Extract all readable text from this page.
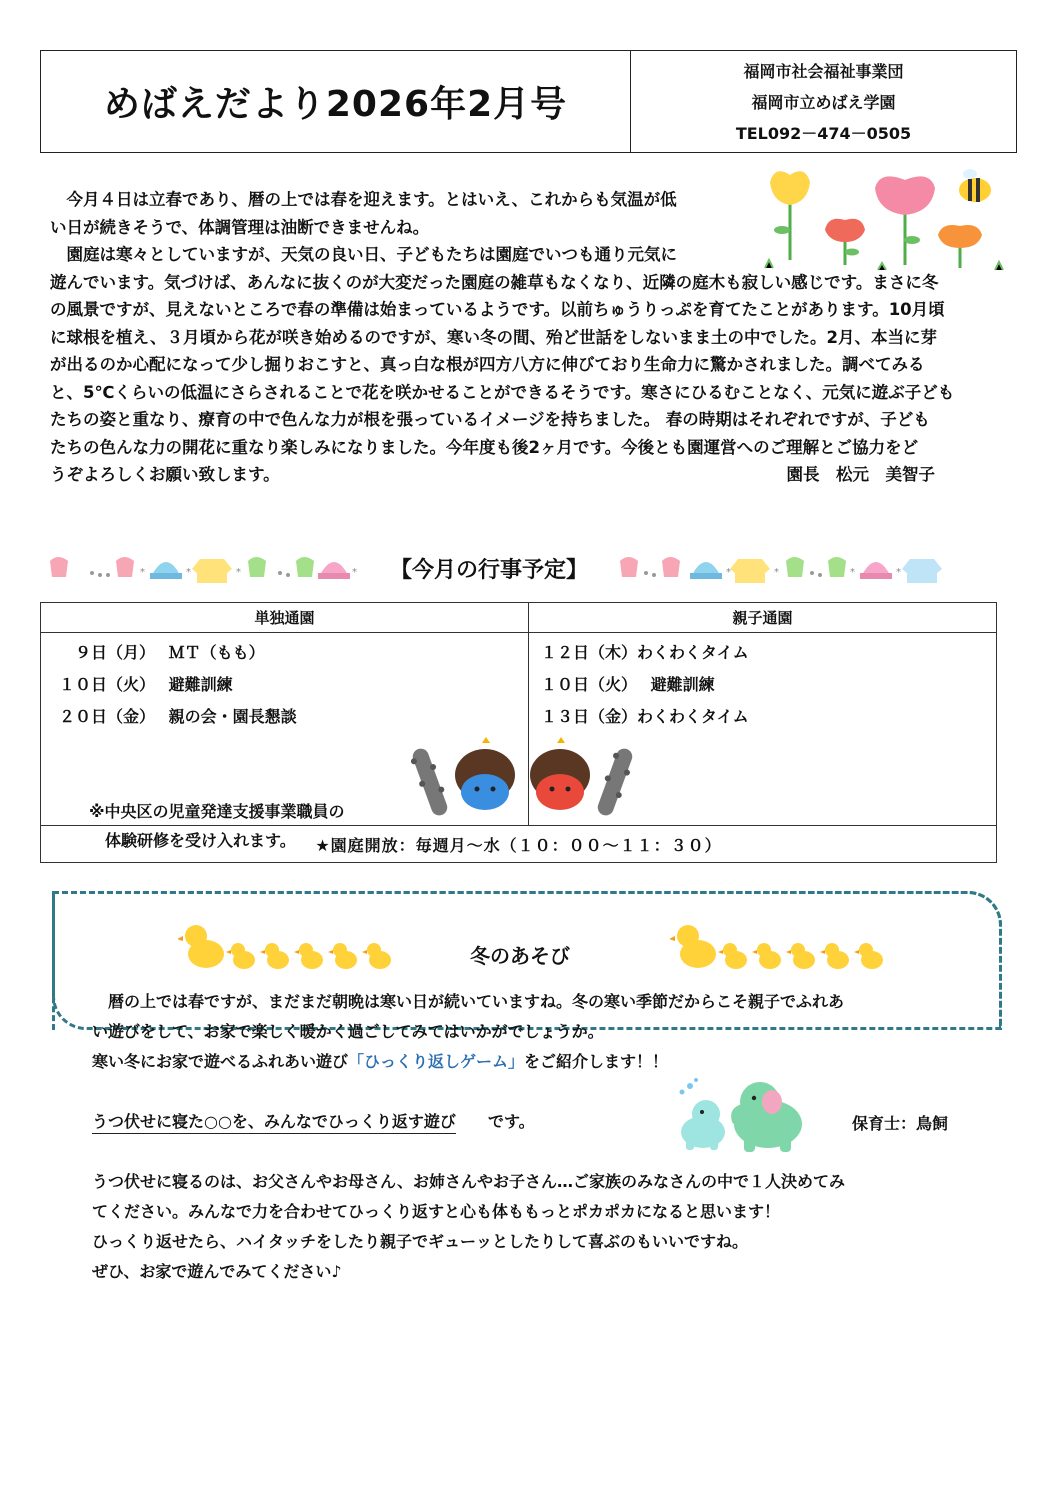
めばえだより2026年2月号
福岡市社会福祉事業団
福岡市立めばえ学園
TEL092－474－0505
　今月４日は立春であり、暦の上では春を迎えます。とはいえ、これからも気温が低
い日が続きそうで、体調管理は油断できませんね。
　園庭は寒々としていますが、天気の良い日、子どもたちは園庭でいつも通り元気に
遊んでいます。気づけば、あんなに抜くのが大変だった園庭の雑草もなくなり、近隣の庭木も寂しい感じです。まさに冬
の風景ですが、見えないところで春の準備は始まっているようです。以前ちゅうりっぷを育てたことがあります。10月頃
に球根を植え、３月頃から花が咲き始めるのですが、寒い冬の間、殆ど世話をしないまま土の中でした。2月、本当に芽
が出るのか心配になって少し掘りおこすと、真っ白な根が四方八方に伸びており生命力に驚かされました。調べてみる
と、5℃くらいの低温にさらされることで花を咲かせることができるそうです。寒さにひるむことなく、元気に遊ぶ子ども
たちの姿と重なり、療育の中で色んな力が根を張っているイメージを持ちました。 春の時期はそれぞれですが、子ども
たちの色んな力の開花に重なり楽しみになりました。今年度も後2ヶ月です。今後とも園運営へのご理解とご協力をど
うぞよろしくお願い致します。	園長　松元　美智子
*	*	*	* 【今月の行事予定】	*	*	*	*
単独通園	親子通園
　９日（月）　 ＭＴ（もも）
１０日（火）　 避難訓練
２０日（金）　 親の会・園長懇談
※中央区の児童発達支援事業職員の
　体験研修を受け入れます。
１２日（木）わくわくタイム
１０日（火）　 避難訓練
１３日（金）わくわくタイム
★園庭開放：毎週月～水（１０：００～１１：３０）
冬のあそび
　暦の上では春ですが、まだまだ朝晩は寒い日が続いていますね。冬の寒い季節だからこそ親子でふれあ
い遊びをして、お家で楽しく暖かく過ごしてみてはいかがでしょうか。
寒い冬にお家で遊べるふれあい遊び「ひっくり返しゲーム」をご紹介します！！
うつ伏せに寝た○○を、みんなでひっくり返す遊び　　です。
うつ伏せに寝るのは、お父さんやお母さん、お姉さんやお子さん…ご家族のみなさんの中で１人決めてみ
てください。みんなで力を合わせてひっくり返すと心も体ももっとポカポカになると思います！
ひっくり返せたら、ハイタッチをしたり親子でギューッとしたりして喜ぶのもいいですね。
ぜひ、お家で遊んでみてください♪
保育士：鳥飼
